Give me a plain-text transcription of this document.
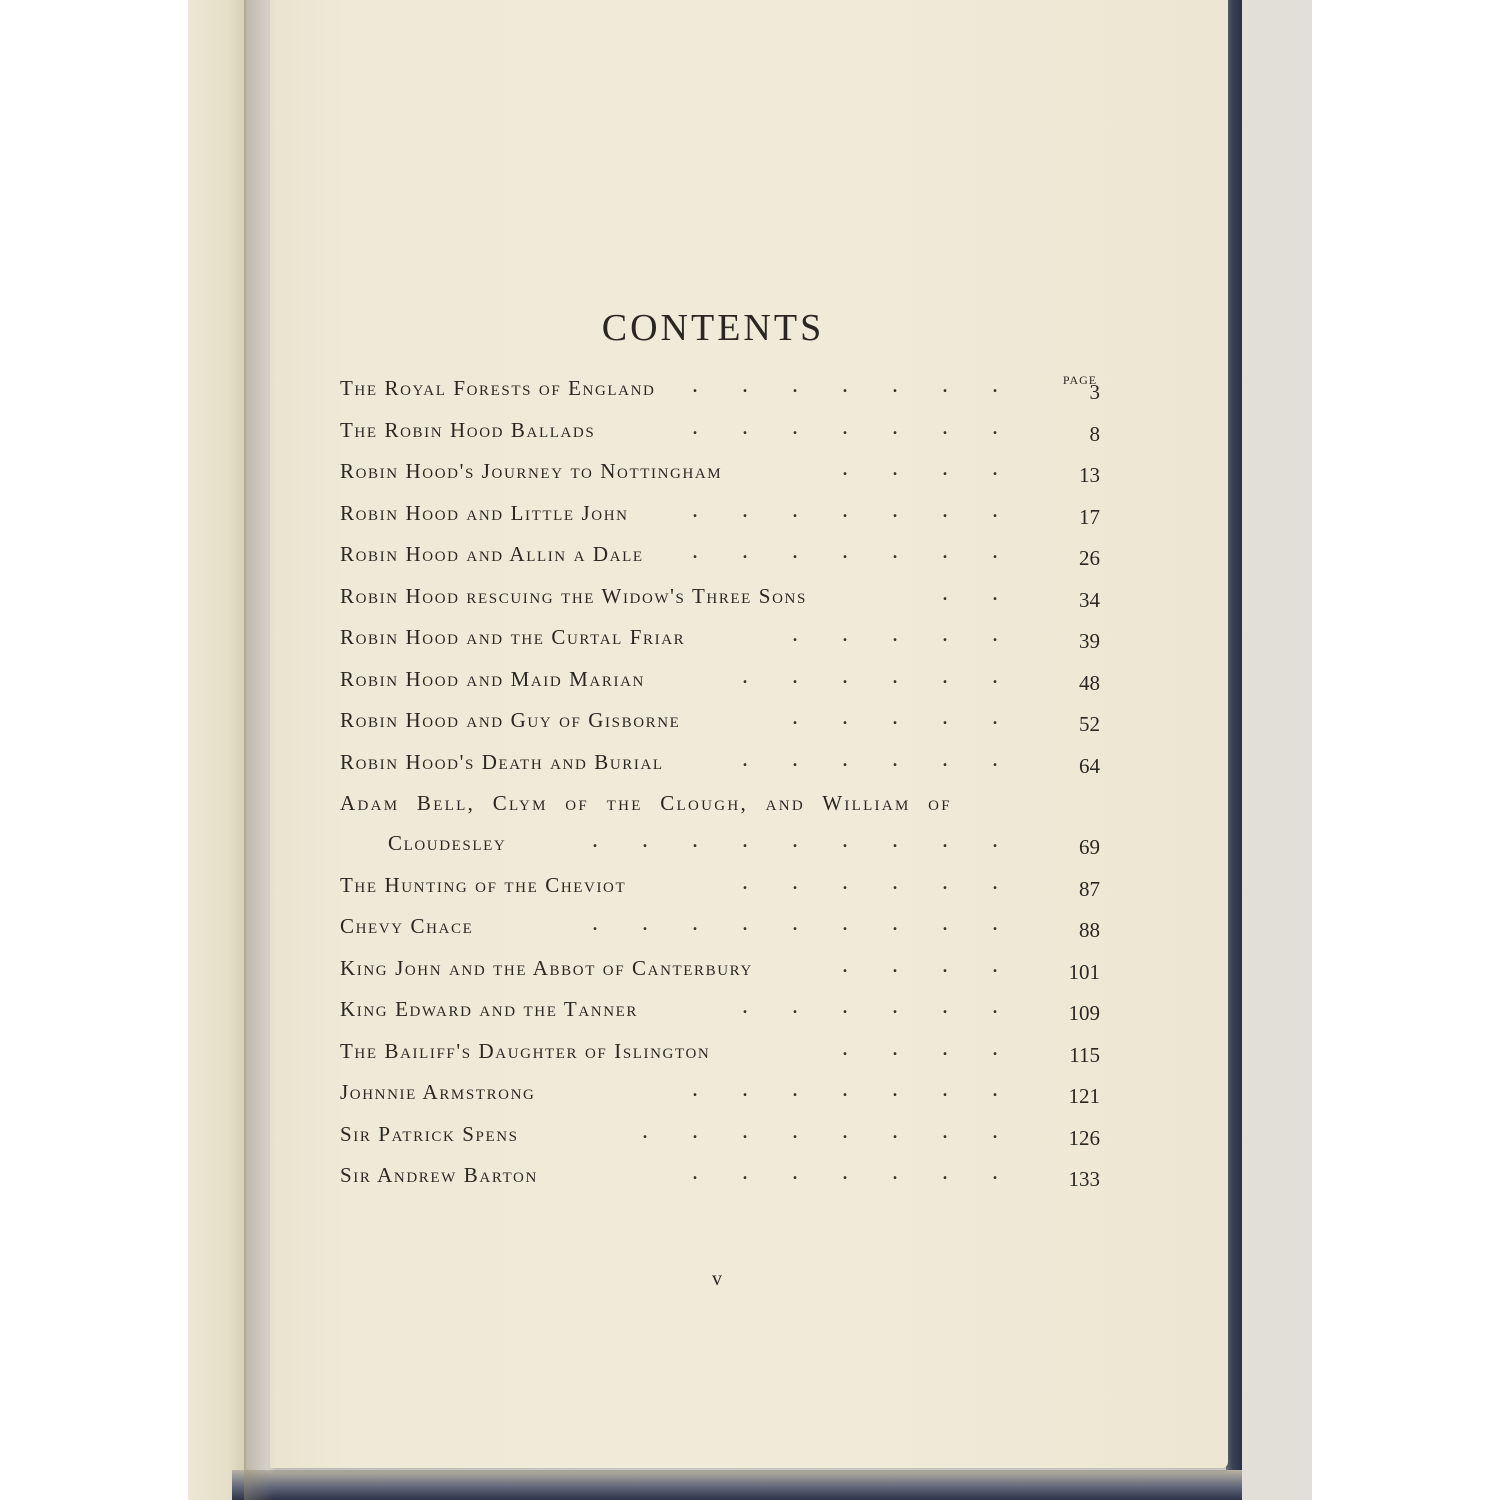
CONTENTS
PAGE
The Royal Forests of England .......	3
The Robin Hood Ballads	.......	8
Robin Hood's Journey to Nottingham	....	13
Robin Hood and Little John	.......	17
Robin Hood and Allin a Dale .......	26
Robin Hood rescuing the Widow's Three Sons	..	34
Robin Hood and the Curtal Friar	.....	39
Robin Hood and Maid Marian	......	48
Robin Hood and Guy of Gisborne	.....	52
Robin Hood's Death and Burial	......	64
Adam Bell, Clym of the Clough, and William of
Cloudesley	.........	69
The Hunting of the Cheviot	......	87
Chevy Chace	.........	88
King John and the Abbot of Canterbury	....	101
King Edward and the Tanner	......	109
The Bailiff's Daughter of Islington	....	115
Johnnie Armstrong	.......	121
Sir Patrick Spens	........	126
Sir Andrew Barton	.......	133
v
